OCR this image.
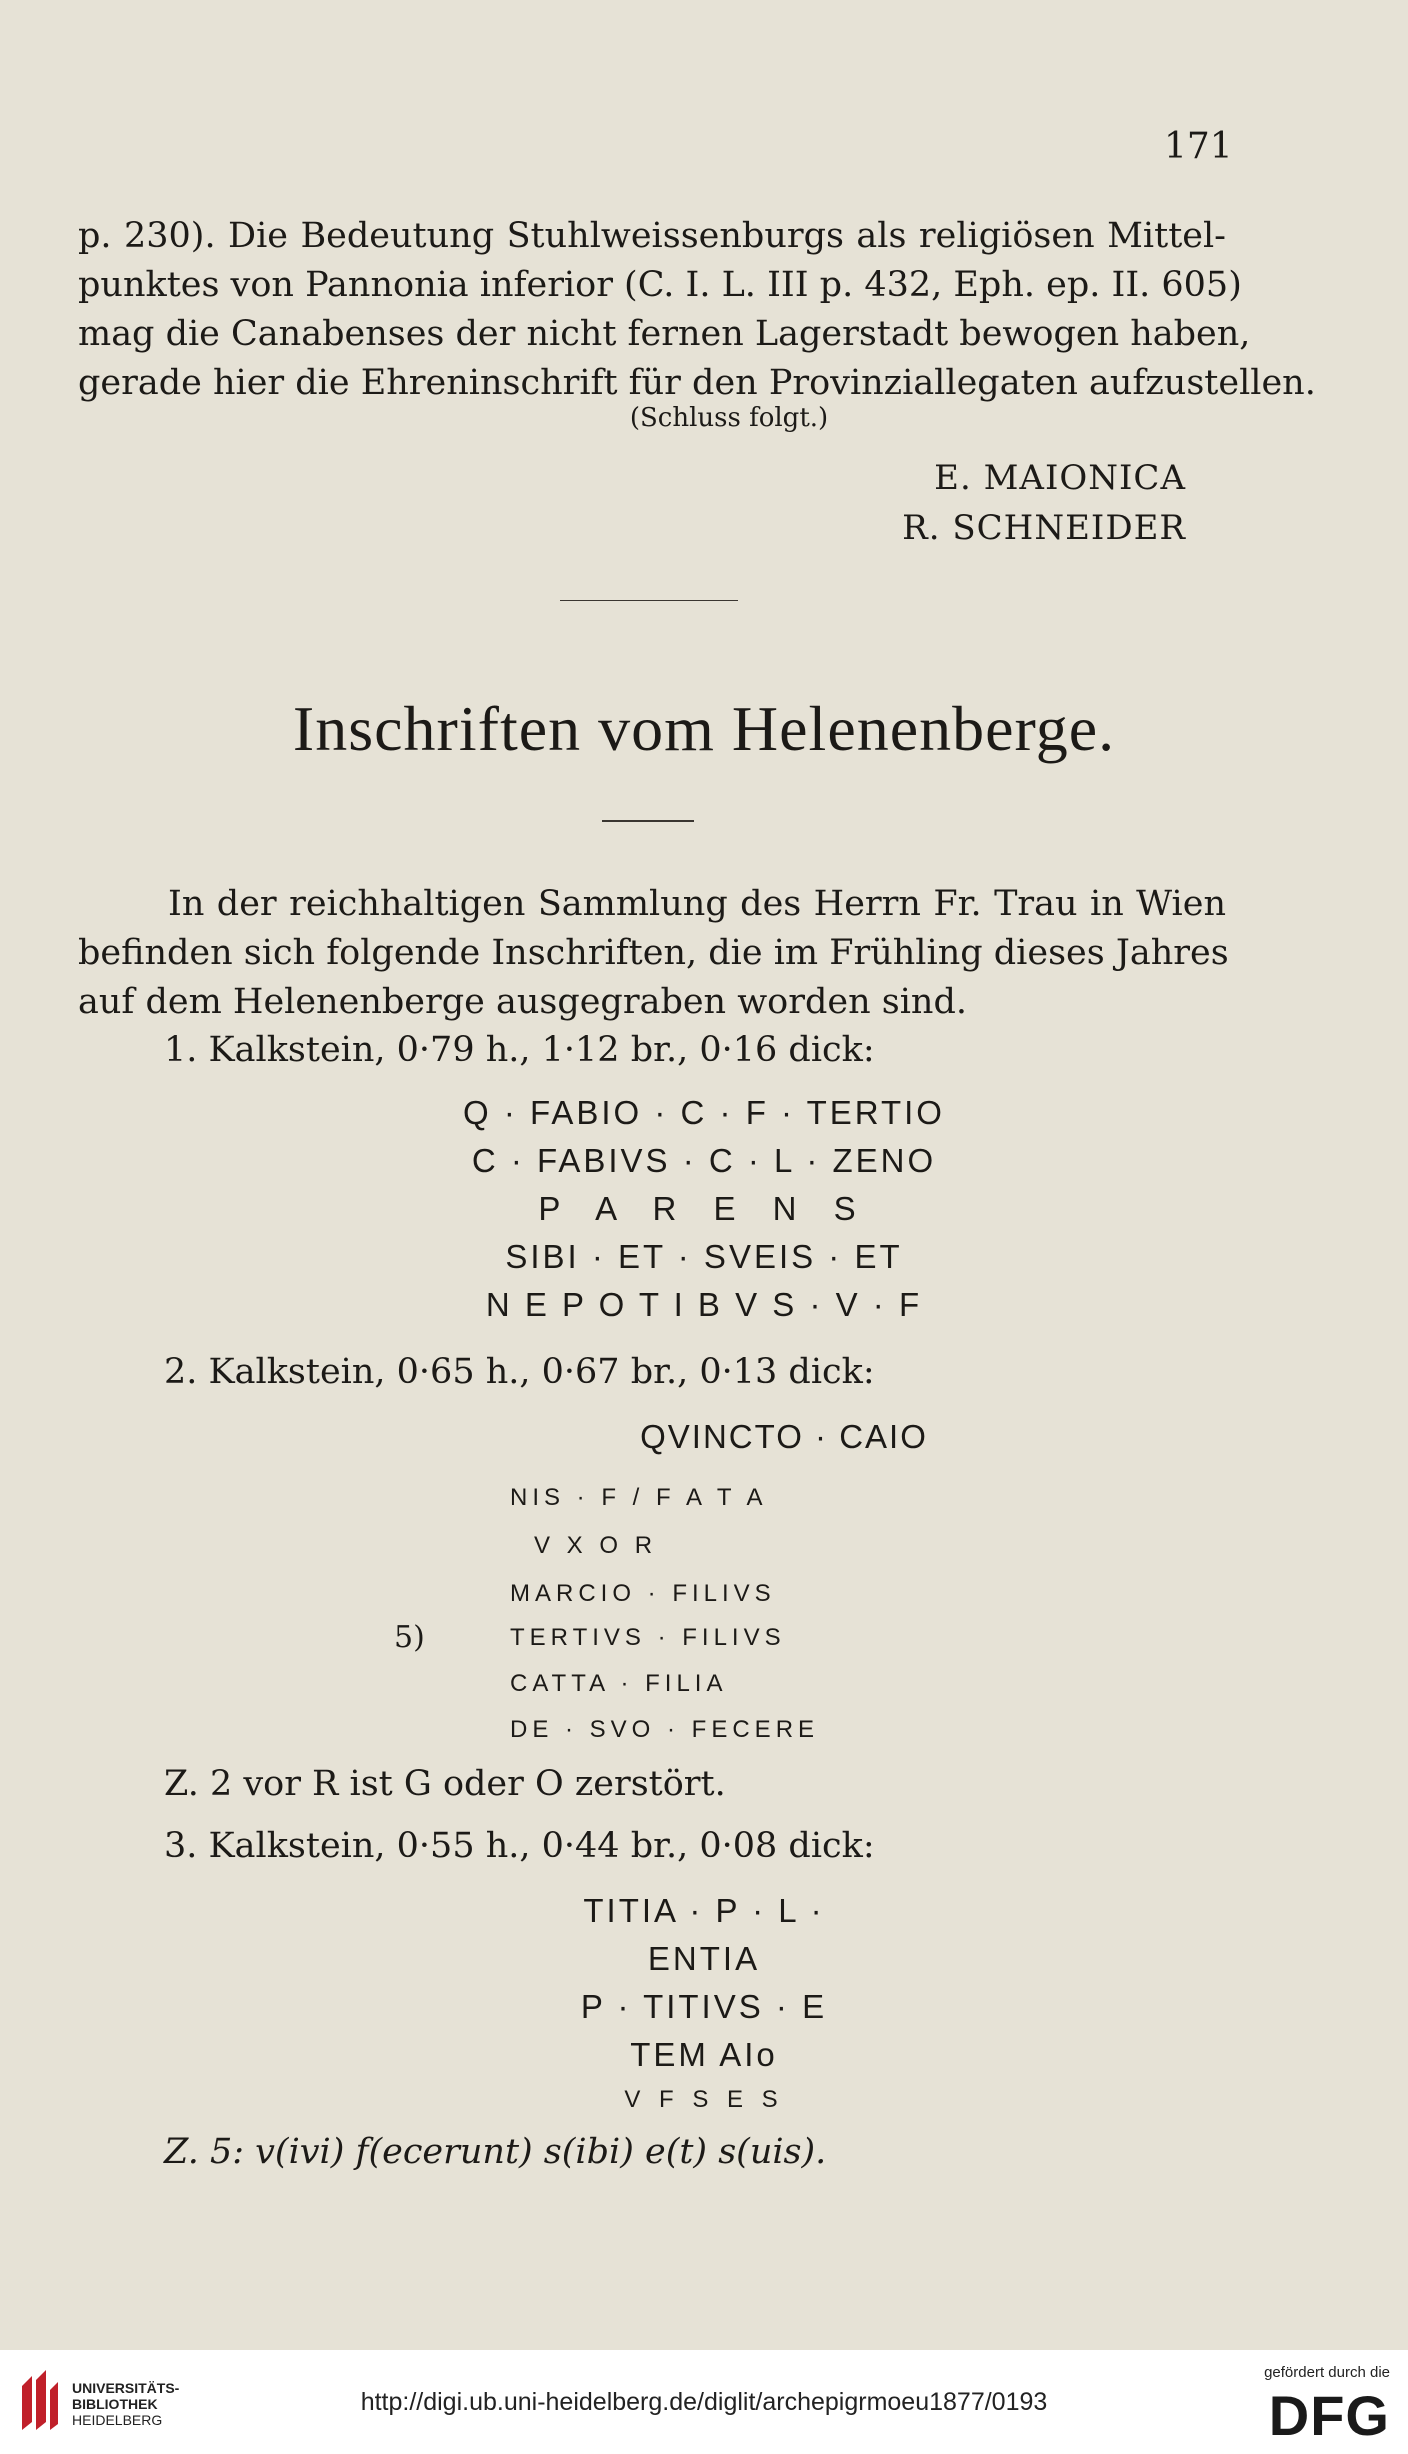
171
p. 230). Die Bedeutung Stuhlweissenburgs als religiösen Mittel-
punktes von Pannonia inferior (C. I. L. III p. 432, Eph. ep. II. 605)
mag die Canabenses der nicht fernen Lagerstadt bewogen haben,
gerade hier die Ehreninschrift für den Provinziallegaten aufzustellen.
(Schluss folgt.)
E. MAIONICA
R. SCHNEIDER
Inschriften vom Helenenberge.
In der reichhaltigen Sammlung des Herrn Fr. Trau in Wien
befinden sich folgende Inschriften, die im Frühling dieses Jahres
auf dem Helenenberge ausgegraben worden sind.
1. Kalkstein, 0·79 h., 1·12 br., 0·16 dick:
Q · FABIO · C · F · TERTIO
C · FABIVS · C · L · ZENO
P A R E N S
SIBI · ET · SVEIS · ET
N E P O T I B V S · V · F
2. Kalkstein, 0·65 h., 0·67 br., 0·13 dick:
QVINCTO · CAIO
NIS · F / F A T A
V X O R
MARCIO · FILIVS
5)	TERTIVS · FILIVS
CATTA · FILIA
DE · SVO · FECERE
Z. 2 vor R ist G oder O zerstört.
3. Kalkstein, 0·55 h., 0·44 br., 0·08 dick:
TITIA · P · L ·
ENTIA
P · TITIVS · E
TEM AIo
V F S E S
Z. 5: v(ivi) f(ecerunt) s(ibi) e(t) s(uis).
UNIVERSITÄTS-
BIBLIOTHEK
HEIDELBERG
http://digi.ub.uni-heidelberg.de/diglit/archepigrmoeu1877/0193
gefördert durch die
DFG
